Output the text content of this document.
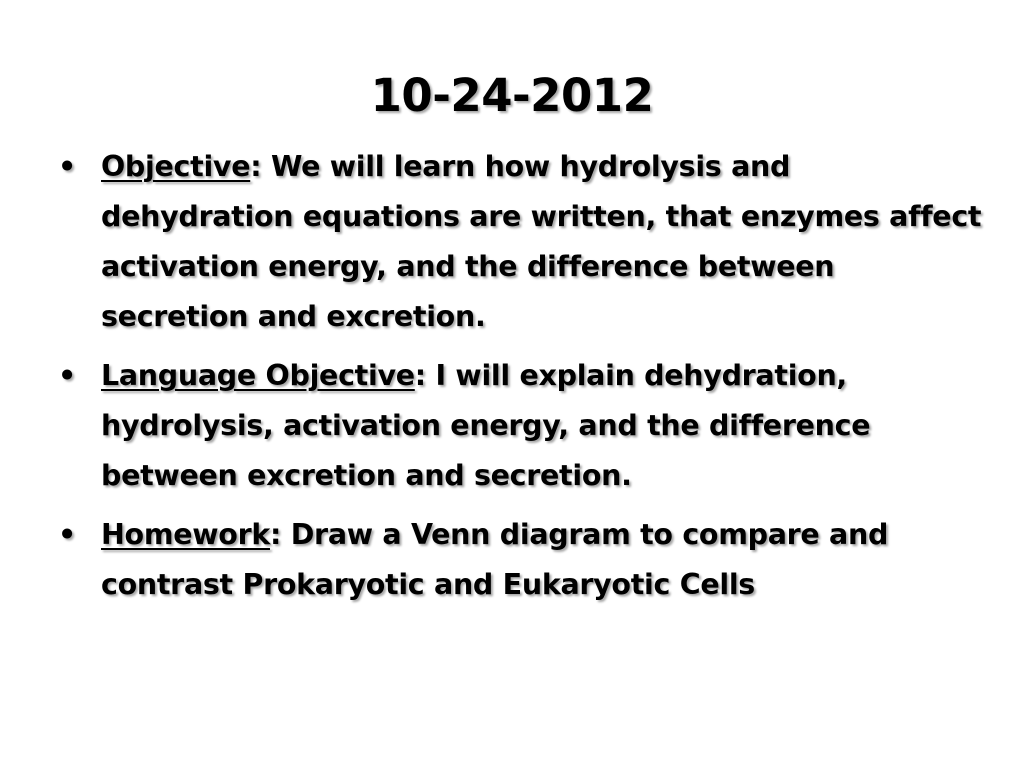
10-24-2012
• Objective: We will learn how hydrolysis and dehydration equations are written, that enzymes affect activation energy, and the difference between secretion and excretion.
• Language Objective: I will explain dehydration, hydrolysis, activation energy, and the difference between excretion and secretion.
• Homework: Draw a Venn diagram to compare and contrast Prokaryotic and Eukaryotic Cells
